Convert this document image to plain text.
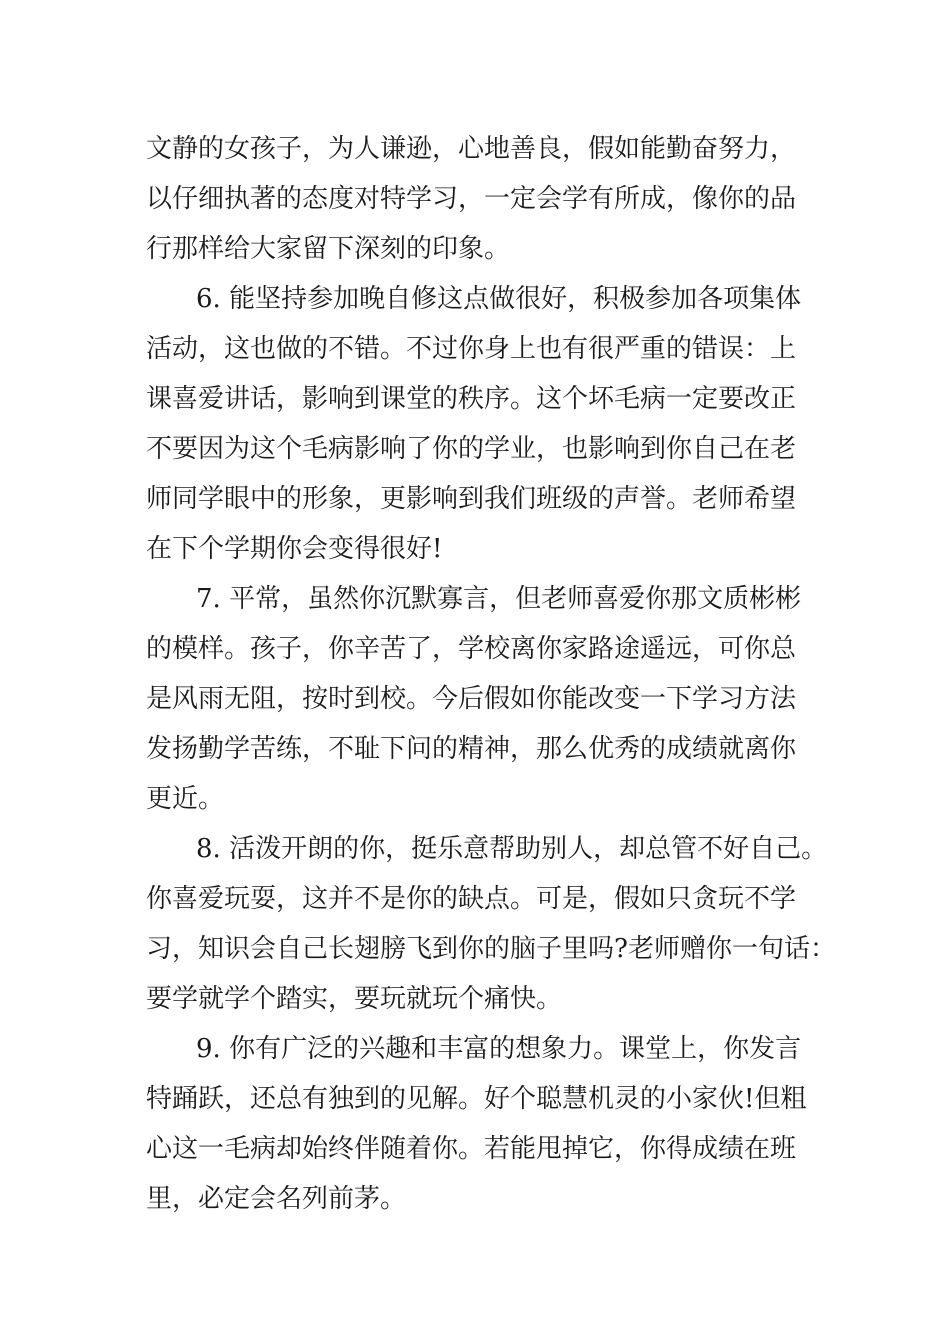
文静的女孩子，为人谦逊，心地善良，假如能勤奋努力，
以仔细执著的态度对特学习，一定会学有所成，像你的品
行那样给大家留下深刻的印象。
6. 能坚持参加晚自修这点做很好，积极参加各项集体
活动，这也做的不错。不过你身上也有很严重的错误：上
课喜爱讲话，影响到课堂的秩序。这个坏毛病一定要改正
不要因为这个毛病影响了你的学业，也影响到你自己在老
师同学眼中的形象，更影响到我们班级的声誉。老师希望
在下个学期你会变得很好!
7. 平常，虽然你沉默寡言，但老师喜爱你那文质彬彬
的模样。孩子，你辛苦了，学校离你家路途遥远，可你总
是风雨无阻，按时到校。今后假如你能改变一下学习方法
发扬勤学苦练，不耻下问的精神，那么优秀的成绩就离你
更近。
8. 活泼开朗的你，挺乐意帮助别人，却总管不好自己。
你喜爱玩耍，这并不是你的缺点。可是，假如只贪玩不学
习，知识会自己长翅膀飞到你的脑子里吗?老师赠你一句话：
要学就学个踏实，要玩就玩个痛快。
9. 你有广泛的兴趣和丰富的想象力。课堂上，你发言
特踊跃，还总有独到的见解。好个聪慧机灵的小家伙!但粗
心这一毛病却始终伴随着你。若能甩掉它，你得成绩在班
里，必定会名列前茅。
